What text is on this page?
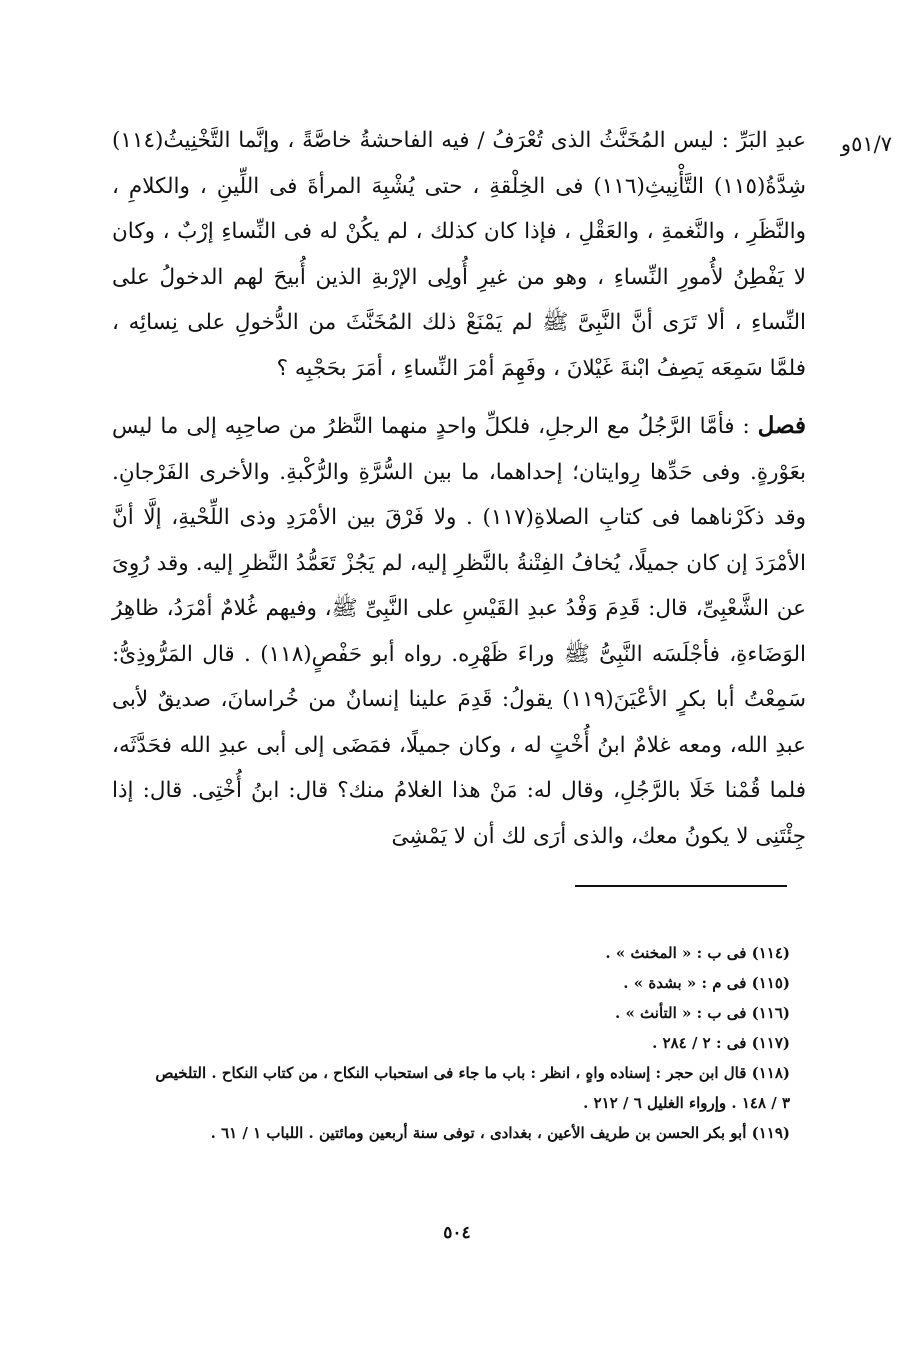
٥١/٧و

عبدِ البَرِّ : ليس المُخَنَّثُ الذى تُعْرَفُ / فيه الفاحشةُ خاصَّةً ، وإنَّما التَّخْنِيثُ(١١٤) شِدَّةُ(١١٥) التَّأْنِيثِ(١١٦) فى الخِلْقةِ ، حتى يُشْبِهَ المرأةَ فى اللِّينِ ، والكلامِ ، والنَّظَرِ ، والنَّغمةِ ، والعَقْلِ ، فإذا كان كذلك ، لم يكُنْ له فى النِّساءِ إرْبٌ ، وكان لا يَفْطِنُ لأُمورِ النِّساءِ ، وهو من غيرِ أُولِى الإرْبةِ الذين أُبيحَ لهم الدخولُ على النِّساءِ ، ألا تَرَى أنَّ النَّبِىَّ ﷺ لم يَمْنَعْ ذلك المُخَنَّثَ من الدُّخولِ على نِسائِه ، فلمَّا سَمِعَه يَصِفُ ابْنةَ غَيْلانَ ، وفَهِمَ أمْرَ النِّساءِ ، أمَرَ بحَجْبِه ؟

فصل : فأمَّا الرَّجُلُ مع الرجلِ، فلكلِّ واحدٍ منهما النَّظرُ من صاحِبِه إلى ما ليس بعَوْرةٍ. وفى حَدِّها رِوايتان؛ إحداهما، ما بين السُّرَّةِ والرُّكْبةِ. والأخرى الفَرْجانِ. وقد ذكَرْناهما فى كتابِ الصلاةِ(١١٧) . ولا فَرْقَ بين الأمْرَدِ وذى اللِّحْيةِ، إلَّا أنَّ الأمْرَدَ إن كان جميلًا، يُخافُ الفِتْنةُ بالنَّظرِ إليه، لم يَجُزْ تَعَمُّدُ النَّظرِ إليه. وقد رُوِىَ عن الشَّعْبِىِّ، قال: قَدِمَ وَفْدُ عبدِ القَيْسِ على النَّبِىِّ ﷺ، وفيهم غُلامٌ أمْرَدُ، ظاهِرُ الوَضَاءةِ، فأجْلَسَه النَّبِىُّ ﷺ وراءَ ظَهْرِه. رواه أبو حَفْصٍ(١١٨) . قال المَرُّوذِىُّ: سَمِعْتُ أبا بكرٍ الأعْيَنَ(١١٩) يقولُ: قَدِمَ علينا إنسانٌ من خُراسانَ، صديقٌ لأبى عبدِ الله، ومعه غلامٌ ابنُ أُخْتٍ له ، وكان جميلًا، فمَضَى إلى أبى عبدِ الله فحَدَّثَه، فلما قُمْنا خَلَا بالرَّجُلِ، وقال له: مَنْ هذا الغلامُ منك؟ قال: ابنُ أُخْتِى. قال: إذا جِئْتَنِى لا يكونُ معك، والذى أرَى لك أن لا يَمْشِىَ

(١١٤) فى ب : « المخنث » .
(١١٥) فى م : « بشدة » .
(١١٦) فى ب : « التأنث » .
(١١٧) فى : ٢ / ٢٨٤ .
(١١٨) قال ابن حجر : إسناده واهٍ ، انظر : باب ما جاء فى استحباب النكاح ، من كتاب النكاح . التلخيص
٣ / ١٤٨ . وإرواء الغليل ٦ / ٢١٢ .
(١١٩) أبو بكر الحسن بن طريف الأعين ، بغدادى ، توفى سنة أربعين ومائتين . اللباب ١ / ٦١ .
٥٠٤
